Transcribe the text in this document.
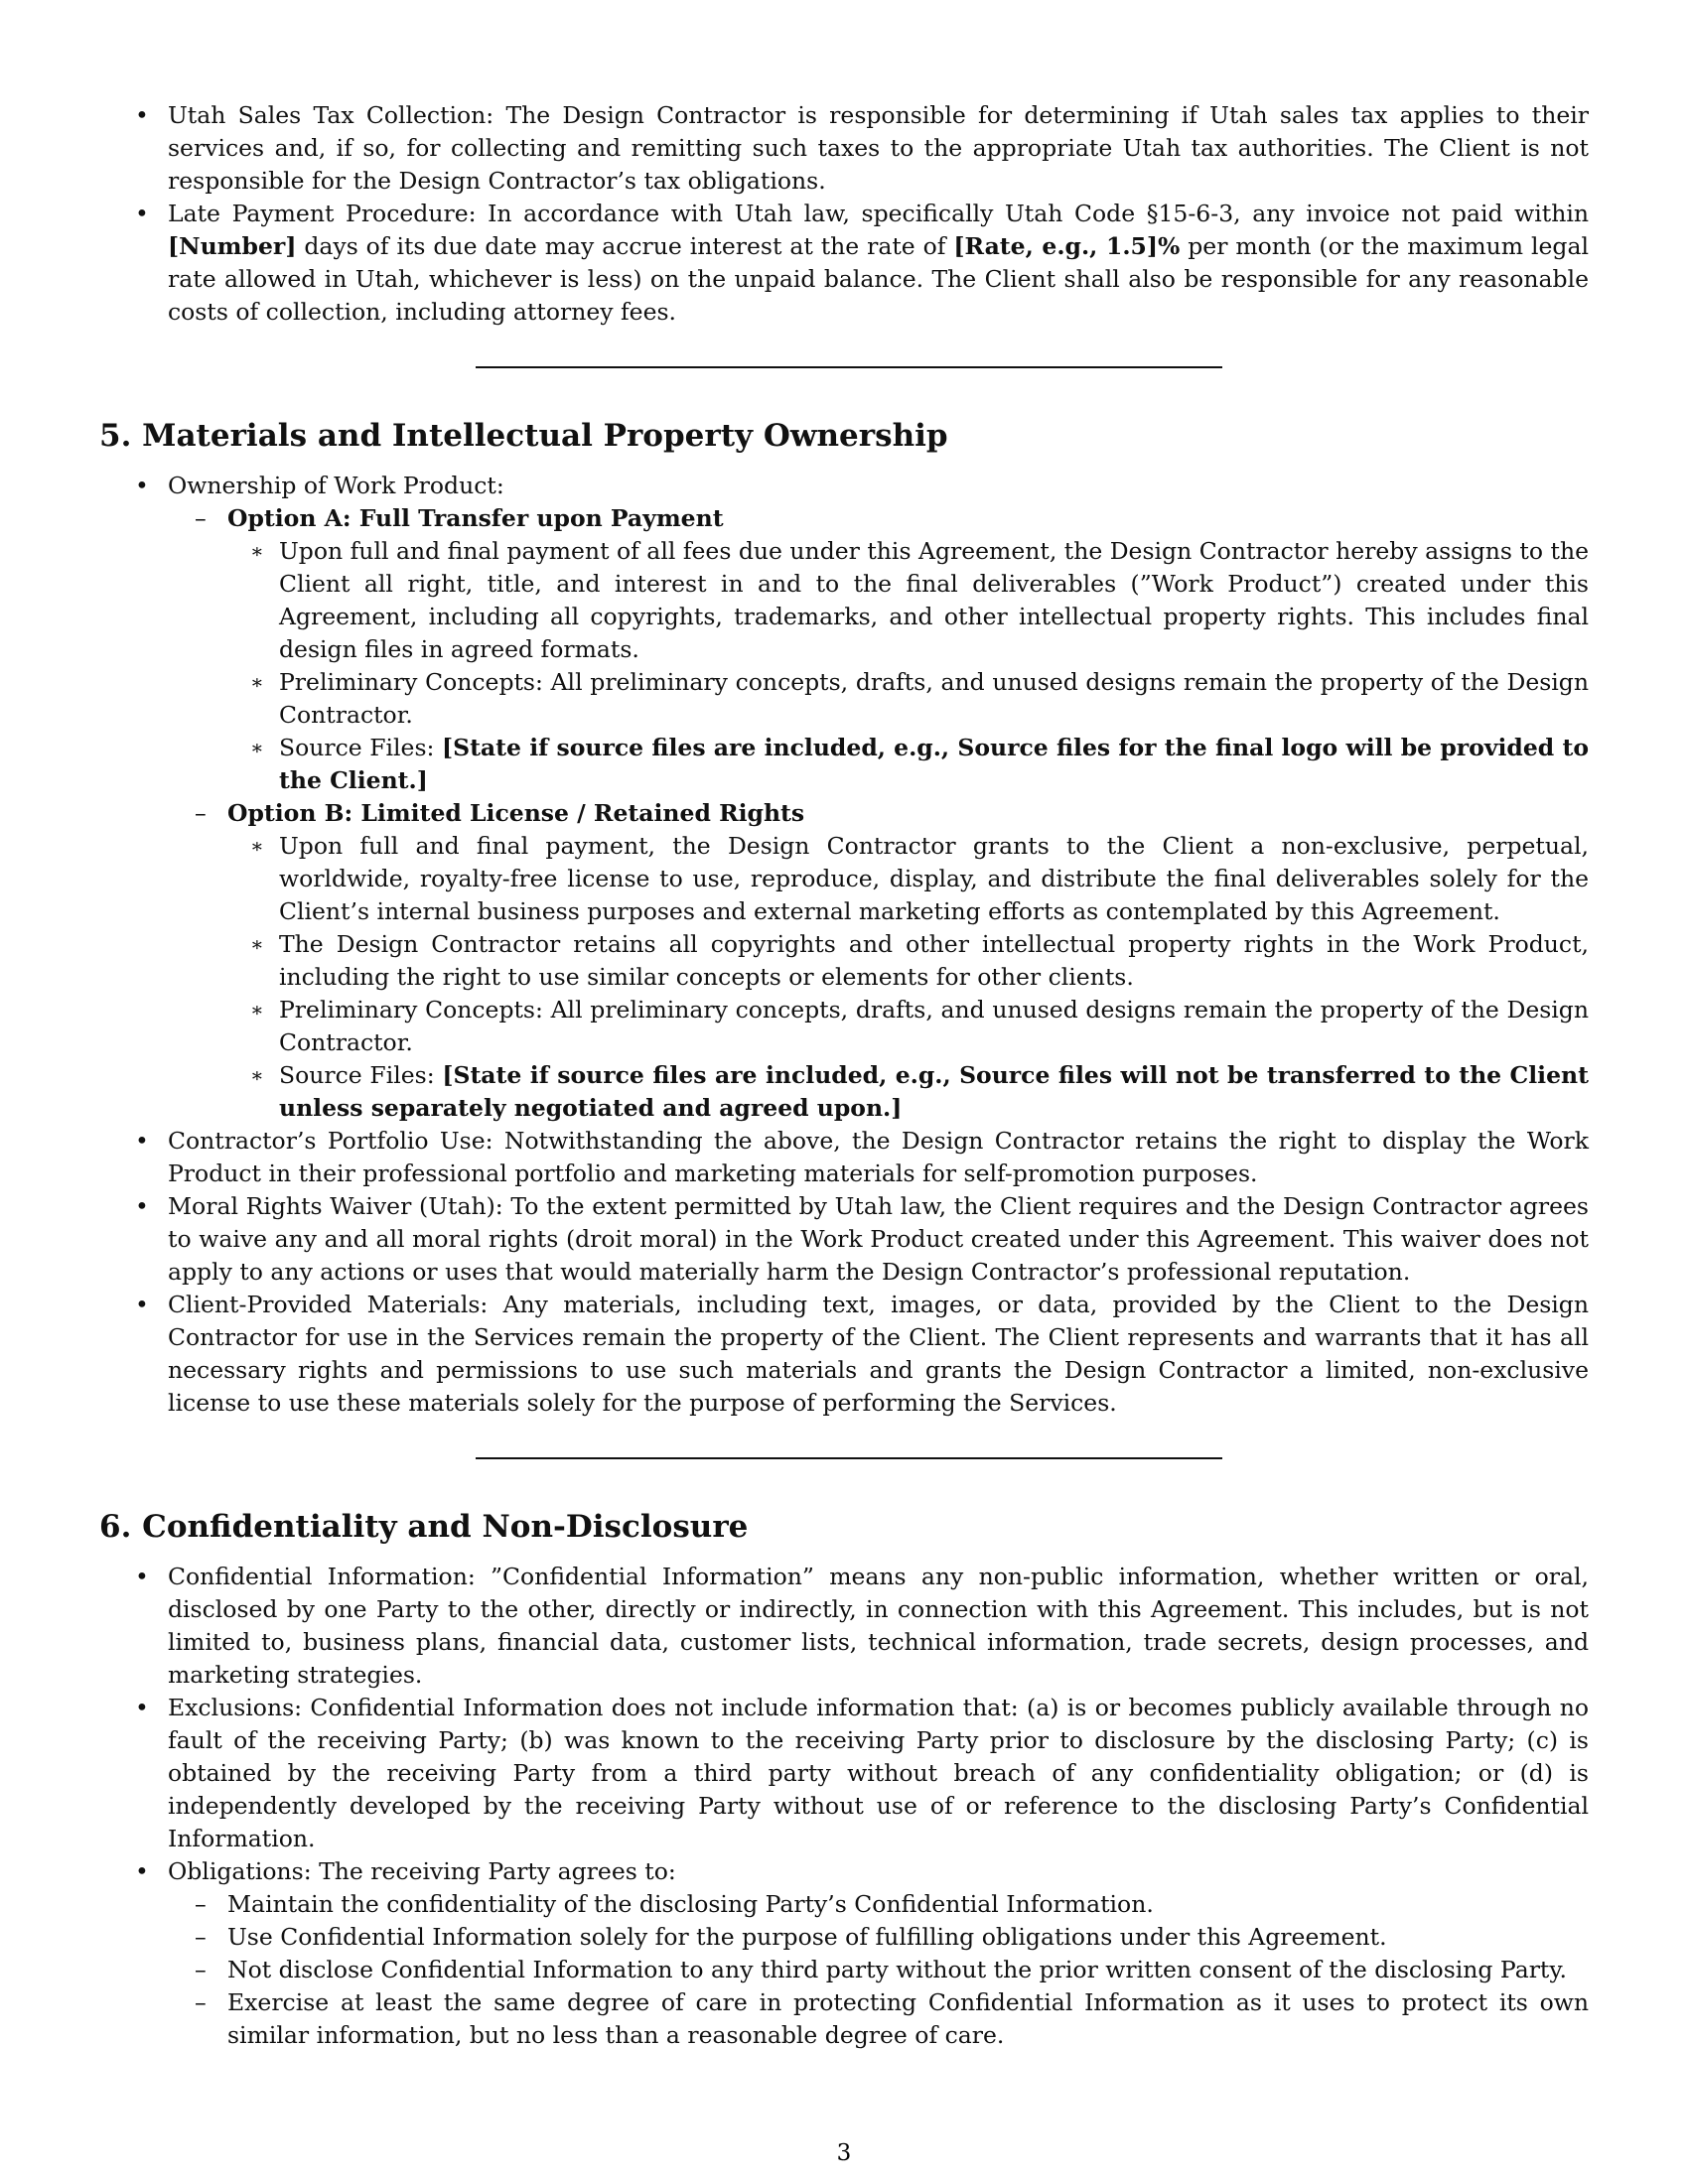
• Utah Sales Tax Collection: The Design Contractor is responsible for determining if Utah sales tax applies to their services and, if so, for collecting and remitting such taxes to the appropriate Utah tax authorities. The Client is not responsible for the Design Contractor’s tax obligations.
• Late Payment Procedure: In accordance with Utah law, specifically Utah Code §15-6-3, any invoice not paid within [Number] days of its due date may accrue interest at the rate of [Rate, e.g., 1.5]% per month (or the maximum legal rate allowed in Utah, whichever is less) on the unpaid balance. The Client shall also be responsible for any reasonable costs of collection, including attorney fees.
5. Materials and Intellectual Property Ownership
• Ownership of Work Product:
– Option A: Full Transfer upon Payment
∗ Upon full and final payment of all fees due under this Agreement, the Design Contractor hereby assigns to the Client all right, title, and interest in and to the final deliverables (”Work Product”) created under this Agreement, including all copyrights, trademarks, and other intellectual property rights. This includes final design files in agreed formats.
∗ Preliminary Concepts: All preliminary concepts, drafts, and unused designs remain the property of the Design Contractor.
∗ Source Files: [State if source files are included, e.g., Source files for the final logo will be provided to the Client.]
– Option B: Limited License / Retained Rights
∗ Upon full and final payment, the Design Contractor grants to the Client a non-exclusive, perpetual, worldwide, royalty-free license to use, reproduce, display, and distribute the final deliverables solely for the Client’s internal business purposes and external marketing efforts as contemplated by this Agreement.
∗ The Design Contractor retains all copyrights and other intellectual property rights in the Work Product, including the right to use similar concepts or elements for other clients.
∗ Preliminary Concepts: All preliminary concepts, drafts, and unused designs remain the property of the Design Contractor.
∗ Source Files: [State if source files are included, e.g., Source files will not be transferred to the Client unless separately negotiated and agreed upon.]
• Contractor’s Portfolio Use: Notwithstanding the above, the Design Contractor retains the right to display the Work Product in their professional portfolio and marketing materials for self-promotion purposes.
• Moral Rights Waiver (Utah): To the extent permitted by Utah law, the Client requires and the Design Contractor agrees to waive any and all moral rights (droit moral) in the Work Product created under this Agreement. This waiver does not apply to any actions or uses that would materially harm the Design Contractor’s professional reputation.
• Client-Provided Materials: Any materials, including text, images, or data, provided by the Client to the Design Contractor for use in the Services remain the property of the Client. The Client represents and warrants that it has all necessary rights and permissions to use such materials and grants the Design Contractor a limited, non-exclusive license to use these materials solely for the purpose of performing the Services.
6. Confidentiality and Non-Disclosure
• Confidential Information: ”Confidential Information” means any non-public information, whether written or oral, disclosed by one Party to the other, directly or indirectly, in connection with this Agreement. This includes, but is not limited to, business plans, financial data, customer lists, technical information, trade secrets, design processes, and marketing strategies.
• Exclusions: Confidential Information does not include information that: (a) is or becomes publicly available through no fault of the receiving Party; (b) was known to the receiving Party prior to disclosure by the disclosing Party; (c) is obtained by the receiving Party from a third party without breach of any confidentiality obligation; or (d) is independently developed by the receiving Party without use of or reference to the disclosing Party’s Confidential Information.
• Obligations: The receiving Party agrees to:
– Maintain the confidentiality of the disclosing Party’s Confidential Information.
– Use Confidential Information solely for the purpose of fulfilling obligations under this Agreement.
– Not disclose Confidential Information to any third party without the prior written consent of the disclosing Party.
– Exercise at least the same degree of care in protecting Confidential Information as it uses to protect its own similar information, but no less than a reasonable degree of care.
3
